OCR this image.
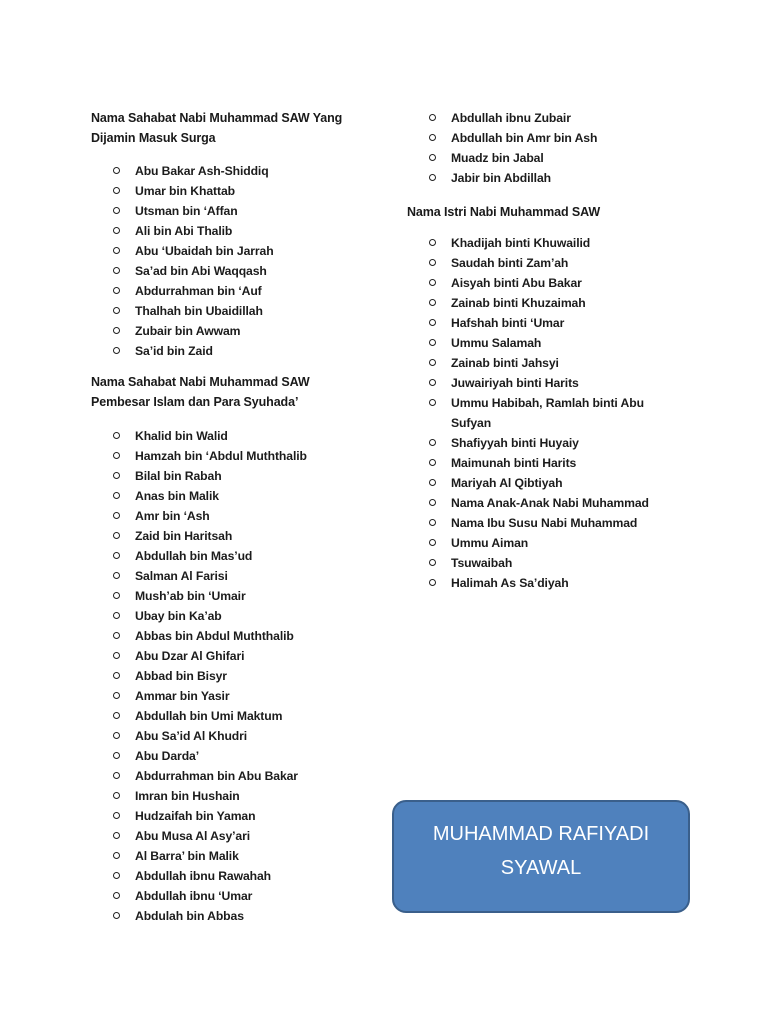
Nama Sahabat Nabi Muhammad SAW Yang
Dijamin Masuk Surga
Abu Bakar Ash-Shiddiq
Umar bin Khattab
Utsman bin ‘Affan
Ali bin Abi Thalib
Abu ‘Ubaidah bin Jarrah
Sa’ad bin Abi Waqqash
Abdurrahman bin ‘Auf
Thalhah bin Ubaidillah
Zubair bin Awwam
Sa’id bin Zaid
Nama Sahabat Nabi Muhammad SAW
Pembesar Islam dan Para Syuhada’
Khalid bin Walid
Hamzah bin ‘Abdul Muththalib
Bilal bin Rabah
Anas bin Malik
Amr bin ‘Ash
Zaid bin Haritsah
Abdullah bin Mas’ud
Salman Al Farisi
Mush’ab bin ‘Umair
Ubay bin Ka’ab
Abbas bin Abdul Muththalib
Abu Dzar Al Ghifari
Abbad bin Bisyr
Ammar bin Yasir
Abdullah bin Umi Maktum
Abu Sa’id Al Khudri
Abu Darda’
Abdurrahman bin Abu Bakar
Imran bin Hushain
Hudzaifah bin Yaman
Abu Musa Al Asy’ari
Al Barra’ bin Malik
Abdullah ibnu Rawahah
Abdullah ibnu ‘Umar
Abdulah bin Abbas
Abdullah ibnu Zubair
Abdullah bin Amr bin Ash
Muadz bin Jabal
Jabir bin Abdillah
Nama Istri Nabi Muhammad SAW
Khadijah binti Khuwailid
Saudah binti Zam’ah
Aisyah binti Abu Bakar
Zainab binti Khuzaimah
Hafshah binti ‘Umar
Ummu Salamah
Zainab binti Jahsyi
Juwairiyah binti Harits
Ummu Habibah, Ramlah binti Abu Sufyan
Shafiyyah binti Huyaiy
Maimunah binti Harits
Mariyah Al Qibtiyah
Nama Anak-Anak Nabi Muhammad
Nama Ibu Susu Nabi Muhammad
Ummu Aiman
Tsuwaibah
Halimah As Sa’diyah
MUHAMMAD RAFIYADI
SYAWAL
